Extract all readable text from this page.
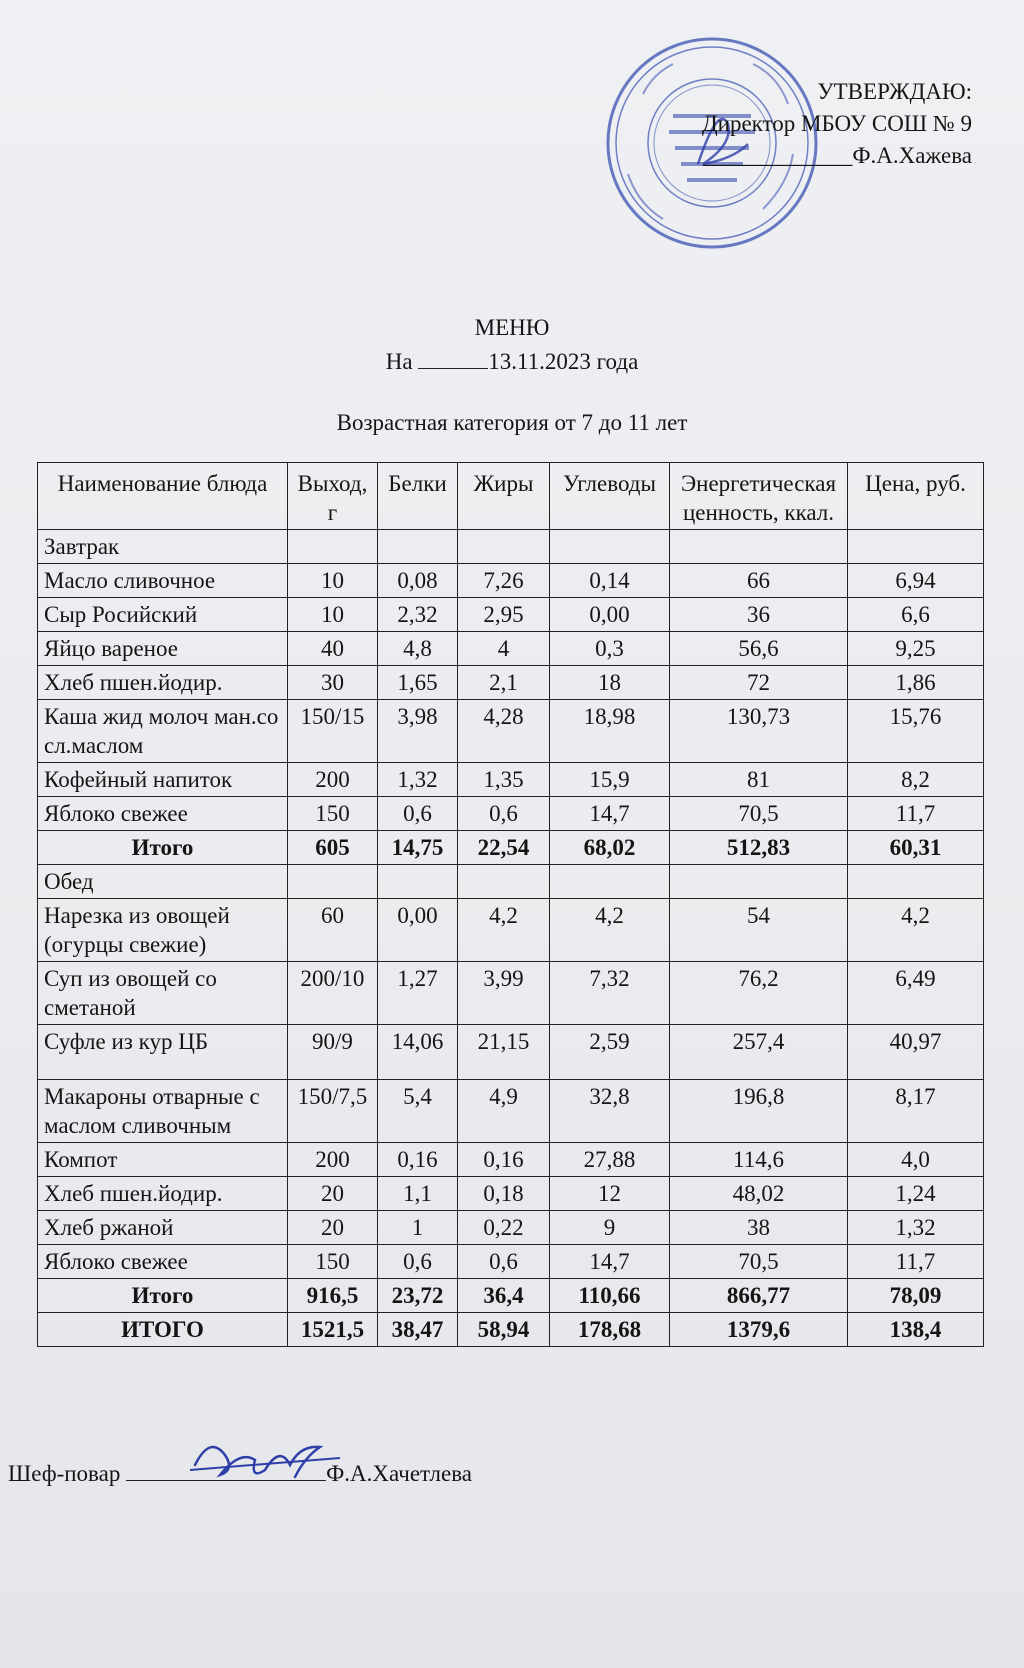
УТВЕРЖДАЮ:
Директор МБОУ СОШ № 9
_____________Ф.А.Хажева
МЕНЮ
На	13.11.2023 года
Возрастная категория от 7 до 11 лет
Наименование блюда	Выход, г	Белки	Жиры	Углеводы	Энергетическая ценность, ккал.	Цена, руб.
Завтрак						
Масло сливочное	10	0,08	7,26	0,14	66	6,94
Сыр Росийский	10	2,32	2,95	0,00	36	6,6
Яйцо вареное	40	4,8	4	0,3	56,6	9,25
Хлеб пшен.йодир.	30	1,65	2,1	18	72	1,86
Каша жид молоч ман.со сл.маслом	150/15	3,98	4,28	18,98	130,73	15,76
Кофейный напиток	200	1,32	1,35	15,9	81	8,2
Яблоко свежее	150	0,6	0,6	14,7	70,5	11,7
Итого	605	14,75	22,54	68,02	512,83	60,31
Обед						
Нарезка из овощей (огурцы свежие)	60	0,00	4,2	4,2	54	4,2
Суп из овощей со сметаной	200/10	1,27	3,99	7,32	76,2	6,49
Суфле из кур ЦБ	90/9	14,06	21,15	2,59	257,4	40,97
Макароны отварные с маслом сливочным	150/7,5	5,4	4,9	32,8	196,8	8,17
Компот	200	0,16	0,16	27,88	114,6	4,0
Хлеб пшен.йодир.	20	1,1	0,18	12	48,02	1,24
Хлеб ржаной	20	1	0,22	9	38	1,32
Яблоко свежее	150	0,6	0,6	14,7	70,5	11,7
Итого	916,5	23,72	36,4	110,66	866,77	78,09
ИТОГО	1521,5	38,47	58,94	178,68	1379,6	138,4
Шеф-повар	Ф.А.Хачетлева
